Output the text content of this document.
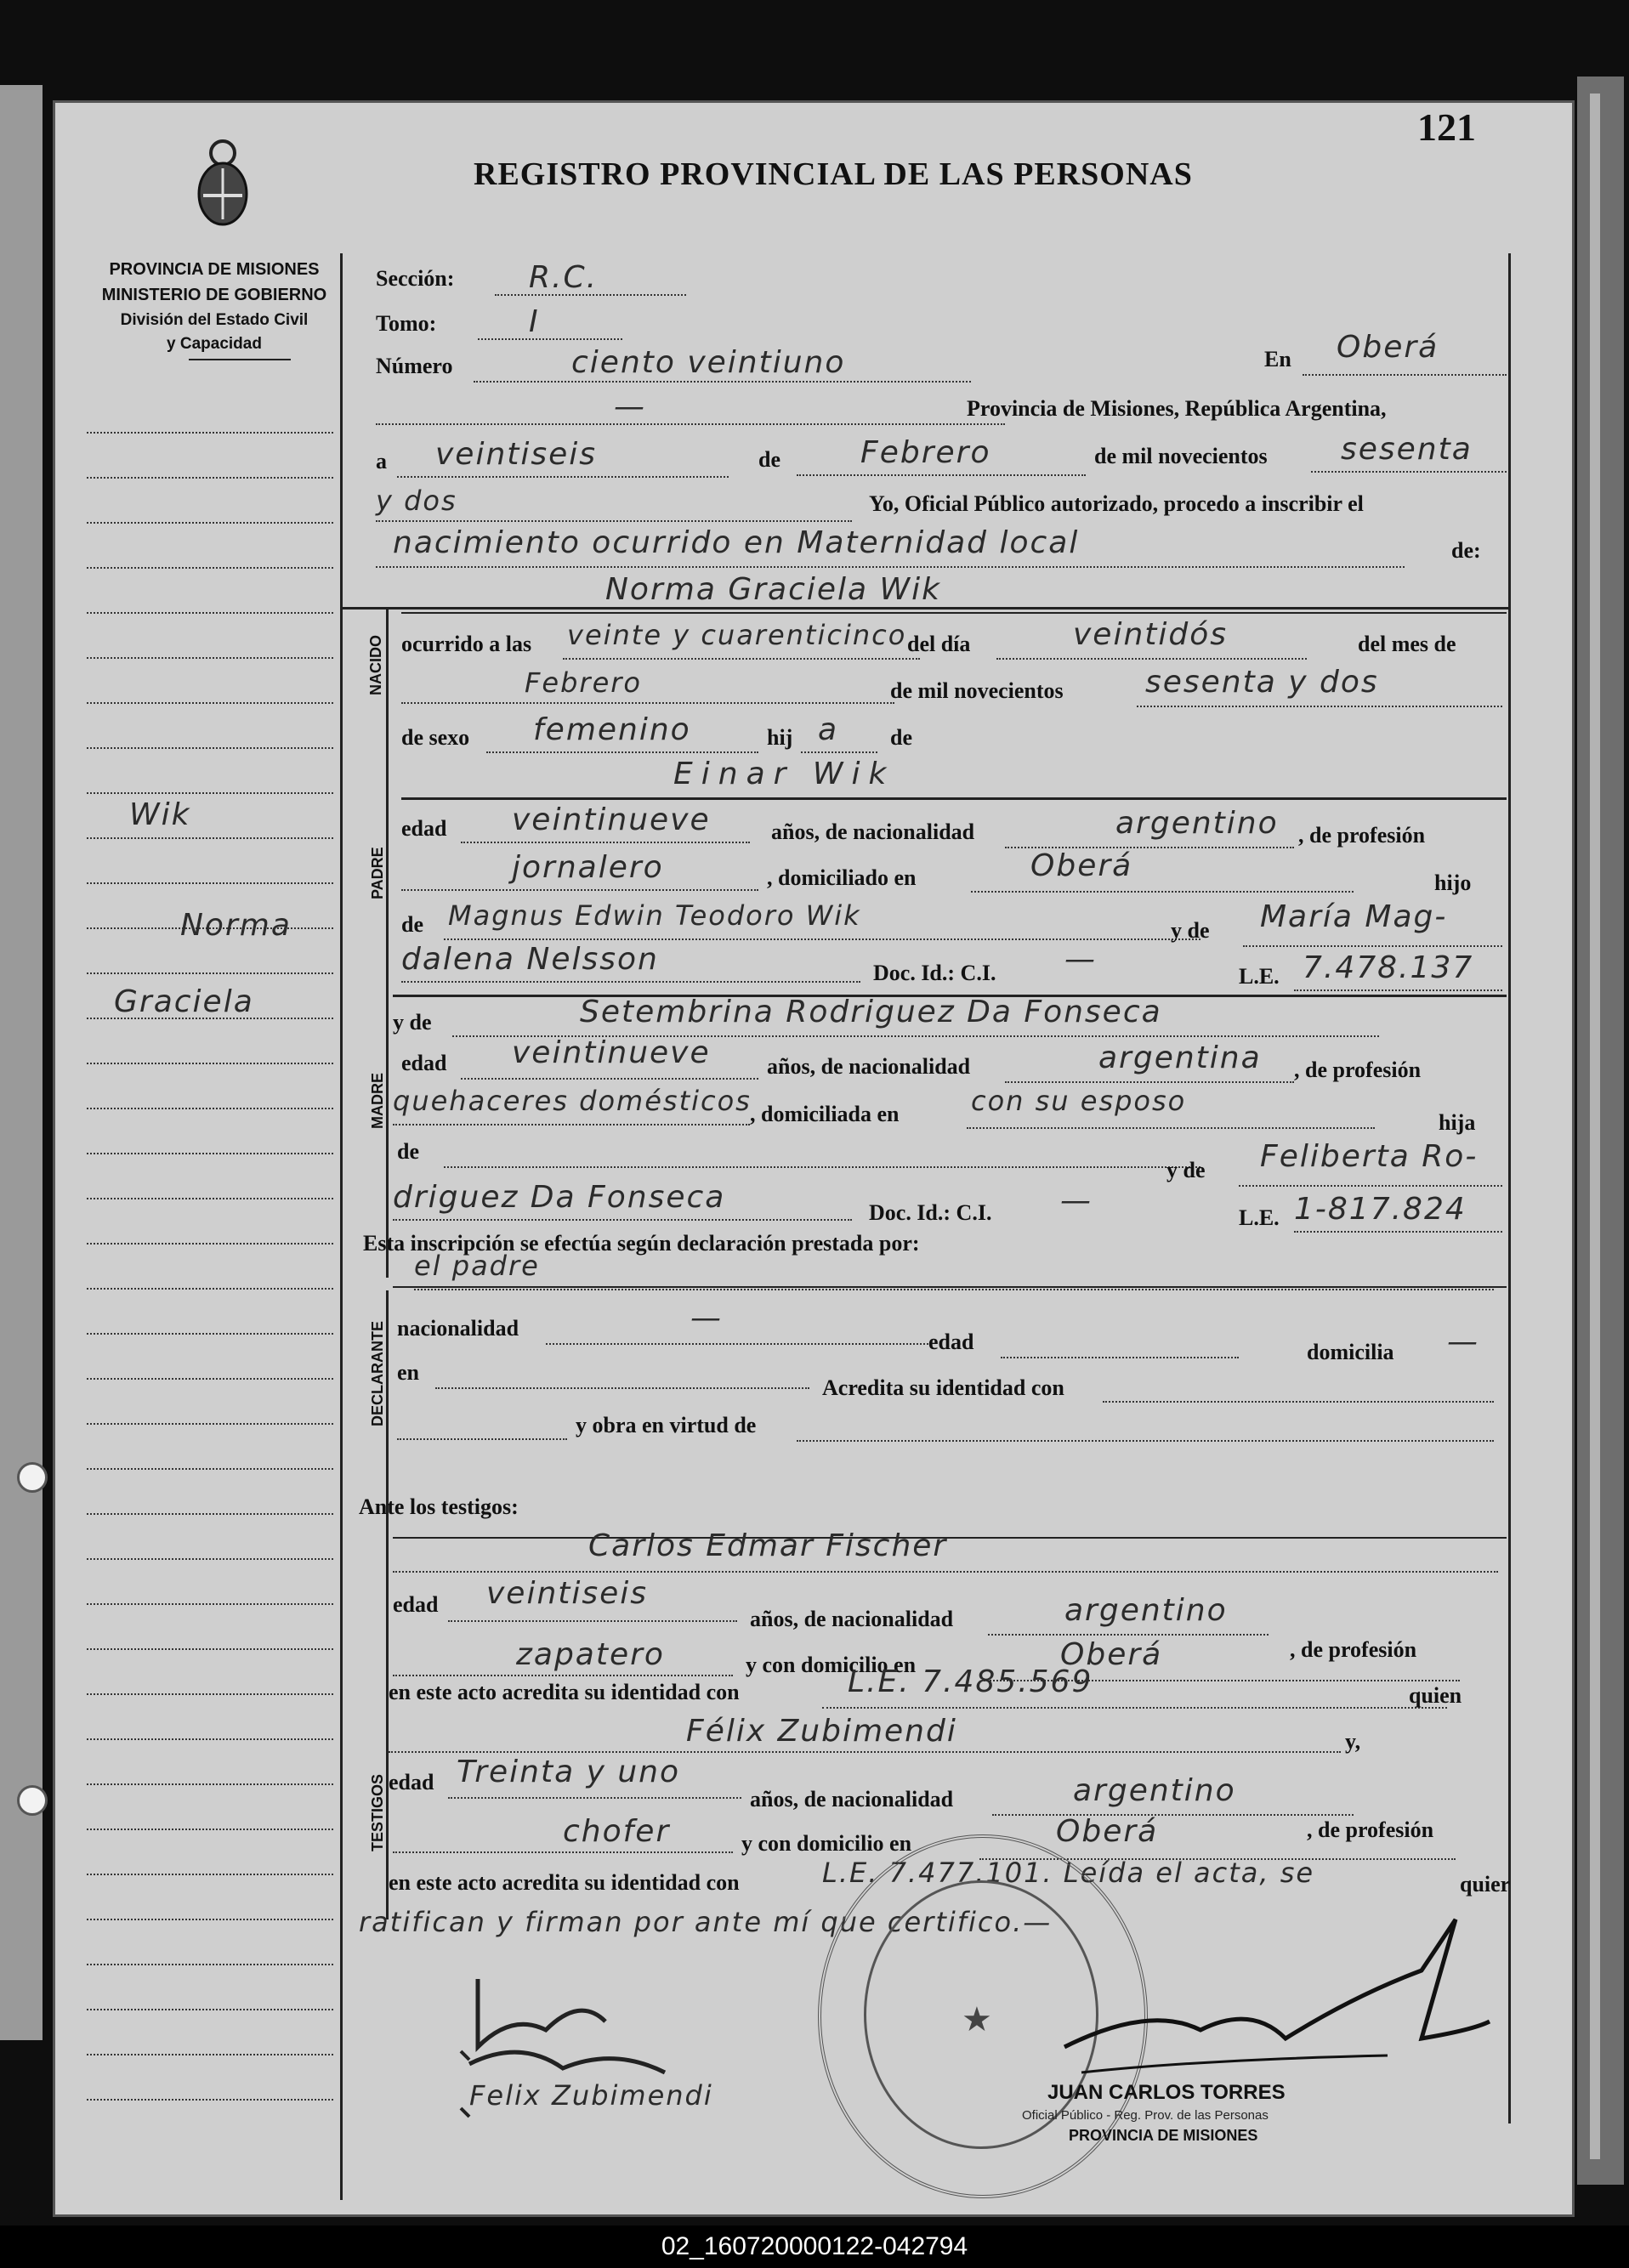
121
REGISTRO PROVINCIAL DE LAS PERSONAS
PROVINCIA DE MISIONES
MINISTERIO DE GOBIERNO
División del Estado Civil
y Capacidad
Wik
Norma
Graciela
Sección: R.C.
Tomo:	I
Número	ciento veintiuno	En Oberá
—	Provincia de Misiones, República Argentina,
a veintiseis	de	Febrero	de mil novecientos sesenta
y dos	Yo, Oficial Público autorizado, procedo a inscribir el
nacimiento ocurrido en Maternidad local	de:
NACIDO
Norma Graciela Wik
ocurrido a las veinte y cuarenticinco del día	veintidós	del mes de
Febrero	de mil novecientos	sesenta y dos
de sexo femenino	hij a de
Einar Wik
PADRE
edad veintinueve	años, de nacionalidad	argentino , de profesión
jornalero	, domiciliado en	Oberá	hijo
de Magnus Edwin Teodoro Wik	y de María Mag-
dalena Nelsson	Doc. Id.: C.I. —	L.E. 7.478.137
MADRE
y de	Setembrina Rodriguez Da Fonseca
edad veintinueve	años, de nacionalidad	argentina , de profesión
quehaceres domésticos
, domiciliada en	con su esposo
hija
de
y de Feliberta Ro-
driguez Da Fonseca	Doc. Id.: C.I. —	L.E. 1-817.824
Esta inscripción se efectúa según declaración prestada por:
el padre
DECLARANTE nacionalidad	—
edad	domicilia —
en
Acredita su identidad con
y obra en virtud de
Ante los testigos:
Carlos Edmar Fischer
TESTIGOS
edad veintiseis
años, de nacionalidad	argentino
, de profesión
zapatero	y con domicilio en	Oberá
en este acto acredita su identidad con	L.E. 7.485.569	quien
Félix Zubimendi	y,
edad Treinta y uno
años, de nacionalidad	argentino
, de profesión
chofer	y con domicilio en	Oberá
en este acto acredita su identidad con	L.E. 7.477.101. Leída el acta, se	quier
ratifican y firman por ante mí que certifico.—
Felix Zubimendi
★
JUAN CARLOS TORRES
Oficial Público - Reg. Prov. de las Personas
PROVINCIA DE MISIONES
02_160720000122-042794
